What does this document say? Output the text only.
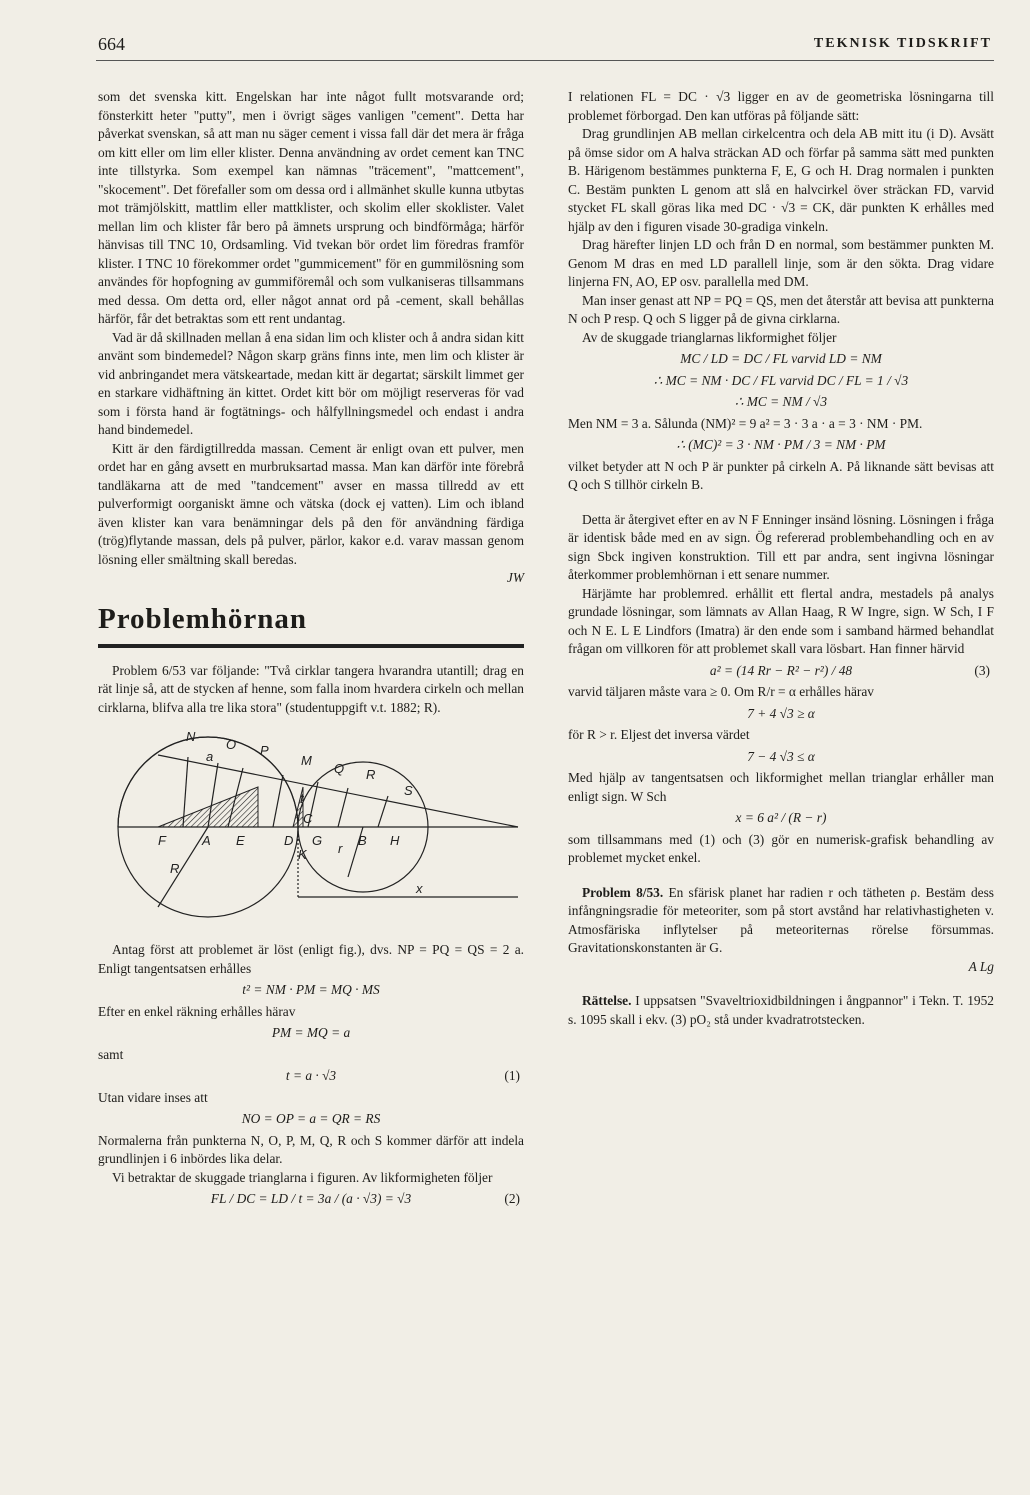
664	TEKNISK TIDSKRIFT

som det svenska kitt. Engelskan har inte något fullt motsvarande ord; fönsterkitt heter "putty", men i övrigt säges vanligen "cement". Detta har påverkat svenskan, så att man nu säger cement i vissa fall där det mera är fråga om kitt eller om lim eller klister. Denna användning av ordet cement kan TNC inte tillstyrka. Som exempel kan nämnas "träcement", "mattcement", "skocement". Det förefaller som om dessa ord i allmänhet skulle kunna utbytas mot trämjölskitt, mattlim eller mattklister, och skolim eller skoklister. Valet mellan lim och klister får bero på ämnets ursprung och bindförmåga; härför hänvisas till TNC 10, Ordsamling. Vid tvekan bör ordet lim föredras framför klister. I TNC 10 förekommer ordet "gummicement" för en gummilösning som användes för hopfogning av gummiföremål och som vulkaniseras tillsammans med dessa. Om detta ord, eller något annat ord på -cement, skall behållas härför, får det betraktas som ett rent undantag.

Vad är då skillnaden mellan å ena sidan lim och klister och å andra sidan kitt använt som bindemedel? Någon skarp gräns finns inte, men lim och klister är vid anbringandet mera vätskeartade, medan kitt är degartat; särskilt limmet ger en starkare vidhäftning än kittet. Ordet kitt bör om möjligt reserveras för vad som i första hand är fogtätnings- och hålfyllningsmedel och endast i andra hand bindemedel.

Kitt är den färdigtillredda massan. Cement är enligt ovan ett pulver, men ordet har en gång avsett en murbruksartad massa. Man kan därför inte förebrå tandläkarna att de med "tandcement" avser en massa tillredd av ett pulverformigt oorganiskt ämne och vätska (dock ej vatten). Lim och ibland även klister kan vara benämningar dels på den för användning färdiga (trög)flytande massan, dels på pulver, pärlor, kakor e.d. varav massan genom lösning eller smältning skall beredas.

JW

Problemhörnan

Problem 6/53 var följande: "Två cirklar tangera hvarandra utantill; drag en rät linje så, att de stycken af henne, som falla inom hvardera cirkeln och mellan cirklarna, blifva alla tre lika stora" (studentuppgift v.t. 1882; R).

N
O P
M
Q R
S
F	A E	D G	B H
C
K
t
r
R
x
a

Antag först att problemet är löst (enligt fig.), dvs. NP = PQ = QS = 2 a. Enligt tangentsatsen erhålles

t² = NM · PM = MQ · MS

Efter en enkel räkning erhålles härav

PM = MQ = a

samt

t = a · √3	(1)

Utan vidare inses att

NO = OP = a = QR = RS

Normalerna från punkterna N, O, P, M, Q, R och S kommer därför att indela grundlinjen i 6 inbördes lika delar.

Vi betraktar de skuggade trianglarna i figuren. Av likformigheten följer

FL / DC = LD / t = 3a / (a · √3) = √3	(2)

I relationen FL = DC · √3 ligger en av de geometriska lösningarna till problemet förborgad. Den kan utföras på följande sätt:

Drag grundlinjen AB mellan cirkelcentra och dela AB mitt itu (i D). Avsätt på ömse sidor om A halva sträckan AD och förfar på samma sätt med punkten B. Härigenom bestämmes punkterna F, E, G och H. Drag normalen i punkten C. Bestäm punkten L genom att slå en halvcirkel över sträckan FD, varvid stycket FL skall göras lika med DC · √3 = CK, där punkten K erhålles med hjälp av den i figuren visade 30-gradiga vinkeln.

Drag härefter linjen LD och från D en normal, som bestämmer punkten M. Genom M dras en med LD parallell linje, som är den sökta. Drag vidare linjerna FN, AO, EP osv. parallella med DM.

Man inser genast att NP = PQ = QS, men det återstår att bevisa att punkterna N och P resp. Q och S ligger på de givna cirklarna.

Av de skuggade trianglarnas likformighet följer

MC / LD = DC / FL varvid LD = NM
∴ MC = NM · DC / FL varvid DC / FL = 1 / √3
∴ MC = NM / √3

Men NM = 3 a. Sålunda (NM)² = 9 a² = 3 · 3 a · a = 3 · NM · PM.

∴ (MC)² = 3 · NM · PM / 3 = NM · PM

vilket betyder att N och P är punkter på cirkeln A. På liknande sätt bevisas att Q och S tillhör cirkeln B.

Detta är återgivet efter en av N F Enninger insänd lösning. Lösningen i fråga är identisk både med en av sign. Ög refererad problembehandling och en av sign Sbck ingiven konstruktion. Till ett par andra, sent ingivna lösningar återkommer problemhörnan i ett senare nummer.

Härjämte har problemred. erhållit ett flertal andra, mestadels på analys grundade lösningar, som lämnats av Allan Haag, R W Ingre, sign. W Sch, I F och N E. L E Lindfors (Imatra) är den ende som i samband härmed behandlat frågan om villkoren för att problemet skall vara lösbart. Han finner härvid

a² = (14 Rr − R² − r²) / 48	(3)

varvid täljaren måste vara ≥ 0. Om R/r = α erhålles härav

7 + 4 √3 ≥ α

för R > r. Eljest det inversa värdet

7 − 4 √3 ≤ α

Med hjälp av tangentsatsen och likformighet mellan trianglar erhåller man enligt sign. W Sch

x = 6 a² / (R − r)

som tillsammans med (1) och (3) gör en numerisk-grafisk behandling av problemet mycket enkel.

Problem 8/53. En sfärisk planet har radien r och tätheten ρ. Bestäm dess infångningsradie för meteoriter, som på stort avstånd har relativhastigheten v. Atmosfäriska inflytelser på meteoriternas rörelse försummas. Gravitationskonstanten är G.

A Lg

Rättelse. I uppsatsen "Svaveltrioxidbildningen i ångpannor" i Tekn. T. 1952 s. 1095 skall i ekv. (3) pO₂ stå under kvadratrotstecken.
